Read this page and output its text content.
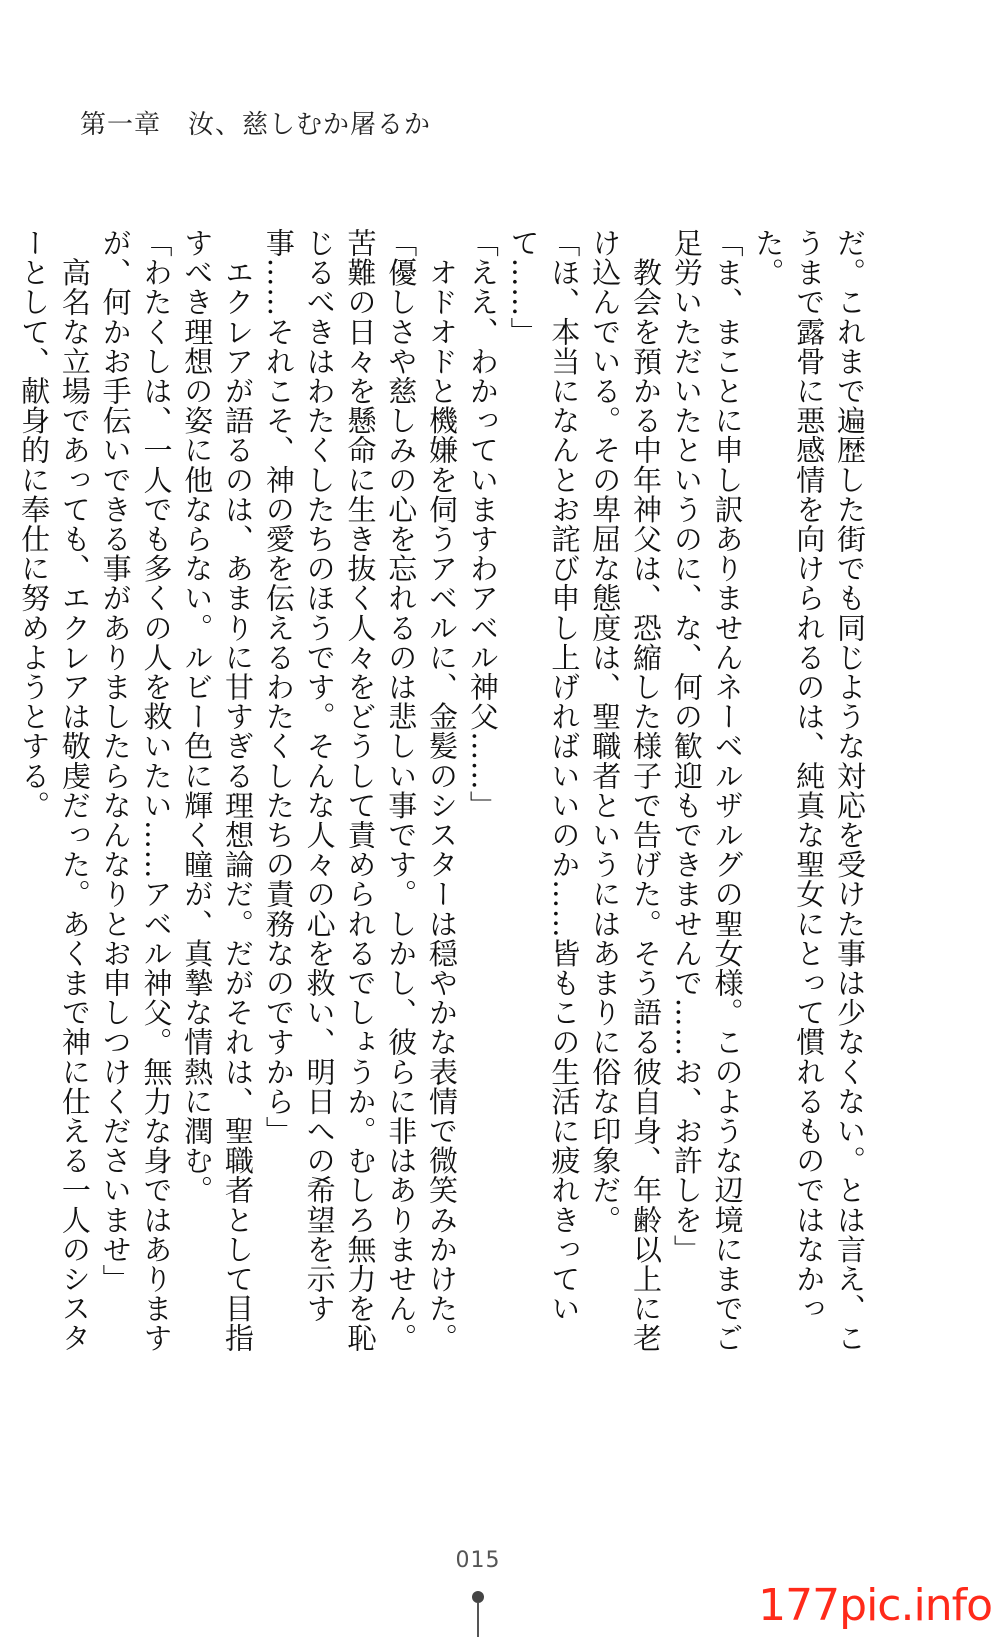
第一章　汝、慈しむか屠るか

だ。これまで遍歴した街でも同じような対応を受けた事は少なくない。とは言え、こうまで露骨に悪感情を向けられるのは、純真な聖女にとって慣れるものではなかった。

「ま、まことに申し訳ありませんネーベルザルグの聖女様。このような辺境にまでご足労いただいたというのに、な、何の歓迎もできませんで……お、お許しを」

　教会を預かる中年神父は、恐縮した様子で告げた。そう語る彼自身、年齢以上に老け込んでいる。その卑屈な態度は、聖職者というにはあまりに俗な印象だ。

「ほ、本当になんとお詫び申し上げればいいのか……皆もこの生活に疲れきっていて……」

「ええ、わかっていますわアベル神父……」

　オドオドと機嫌を伺うアベルに、金髪のシスターは穏やかな表情で微笑みかけた。

「優しさや慈しみの心を忘れるのは悲しい事です。しかし、彼らに非はありません。苦難の日々を懸命に生き抜く人々をどうして責められるでしょうか。むしろ無力を恥じるべきはわたくしたちのほうです。そんな人々の心を救い、明日への希望を示す事……それこそ、神の愛を伝えるわたくしたちの責務なのですから」

　エクレアが語るのは、あまりに甘すぎる理想論だ。だがそれは、聖職者として目指すべき理想の姿に他ならない。ルビー色に輝く瞳が、真摯な情熱に潤む。

「わたくしは、一人でも多くの人を救いたい……アベル神父。無力な身ではありますが、何かお手伝いできる事がありましたらなんなりとお申しつけくださいませ」

　高名な立場であっても、エクレアは敬虔だった。あくまで神に仕える一人のシスターとして、献身的に奉仕に努めようとする。

015
177pic.info
